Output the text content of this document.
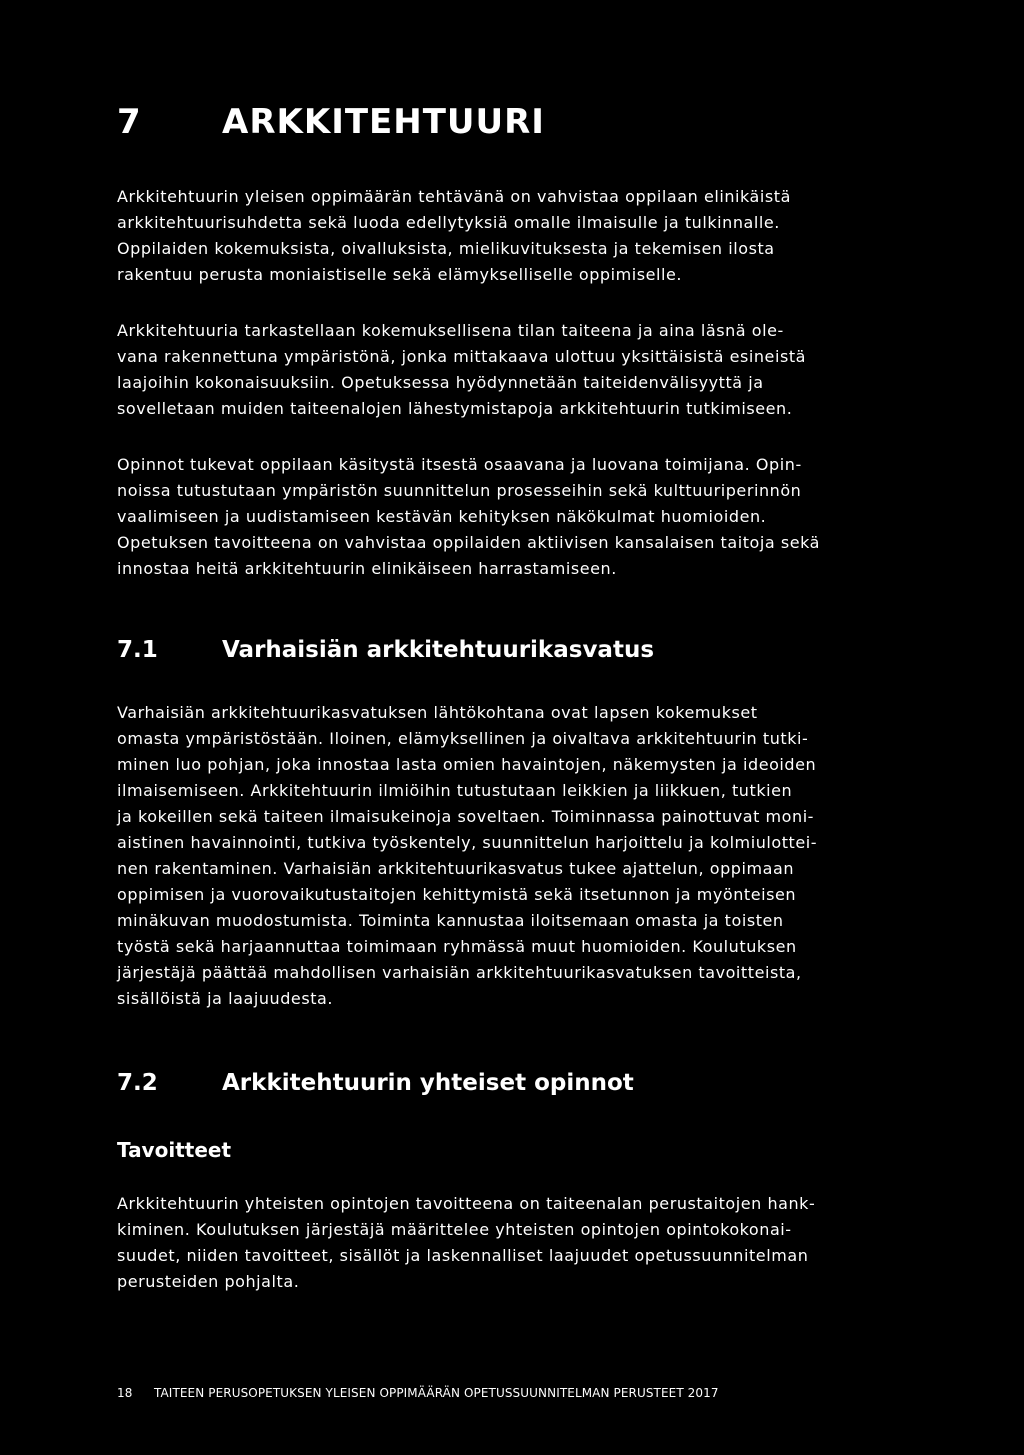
7 ARKKITEHTUURI

Arkkitehtuurin yleisen oppimäärän tehtävänä on vahvistaa oppilaan elinikäistä
arkkitehtuurisuhdetta sekä luoda edellytyksiä omalle ilmaisulle ja tulkinnalle.
Oppilaiden kokemuksista, oivalluksista, mielikuvituksesta ja tekemisen ilosta
rakentuu perusta moniaistiselle sekä elämykselliselle oppimiselle.

Arkkitehtuuria tarkastellaan kokemuksellisena tilan taiteena ja aina läsnä ole-
vana rakennettuna ympäristönä, jonka mittakaava ulottuu yksittäisistä esineistä
laajoihin kokonaisuuksiin. Opetuksessa hyödynnetään taiteidenvälisyyttä ja
sovelletaan muiden taiteenalojen lähestymistapoja arkkitehtuurin tutkimiseen.

Opinnot tukevat oppilaan käsitystä itsestä osaavana ja luovana toimijana. Opin-
noissa tutustutaan ympäristön suunnittelun prosesseihin sekä kulttuuriperinnön
vaalimiseen ja uudistamiseen kestävän kehityksen näkökulmat huomioiden.
Opetuksen tavoitteena on vahvistaa oppilaiden aktiivisen kansalaisen taitoja sekä
innostaa heitä arkkitehtuurin elinikäiseen harrastamiseen.

7.1	Varhaisiän arkkitehtuurikasvatus

Varhaisiän arkkitehtuurikasvatuksen lähtökohtana ovat lapsen kokemukset
omasta ympäristöstään. Iloinen, elämyksellinen ja oivaltava arkkitehtuurin tutki-
minen luo pohjan, joka innostaa lasta omien havaintojen, näkemysten ja ideoiden
ilmaisemiseen. Arkkitehtuurin ilmiöihin tutustutaan leikkien ja liikkuen, tutkien
ja kokeillen sekä taiteen ilmaisukeinoja soveltaen. Toiminnassa painottuvat moni-
aistinen havainnointi, tutkiva työskentely, suunnittelun harjoittelu ja kolmiulottei-
nen rakentaminen. Varhaisiän arkkitehtuurikasvatus tukee ajattelun, oppimaan
oppimisen ja vuorovaikutustaitojen kehittymistä sekä itsetunnon ja myönteisen
minäkuvan muodostumista. Toiminta kannustaa iloitsemaan omasta ja toisten
työstä sekä harjaannuttaa toimimaan ryhmässä muut huomioiden. Koulutuksen
järjestäjä päättää mahdollisen varhaisiän arkkitehtuurikasvatuksen tavoitteista,
sisällöistä ja laajuudesta.

7.2	Arkkitehtuurin yhteiset opinnot
Tavoitteet

Arkkitehtuurin yhteisten opintojen tavoitteena on taiteenalan perustaitojen hank-
kiminen. Koulutuksen järjestäjä määrittelee yhteisten opintojen opintokokonai-
suudet, niiden tavoitteet, sisällöt ja laskennalliset laajuudet opetussuunnitelman
perusteiden pohjalta.

18 TAITEEN PERUSOPETUKSEN YLEISEN OPPIMÄÄRÄN OPETUSSUUNNITELMAN PERUSTEET 2017
